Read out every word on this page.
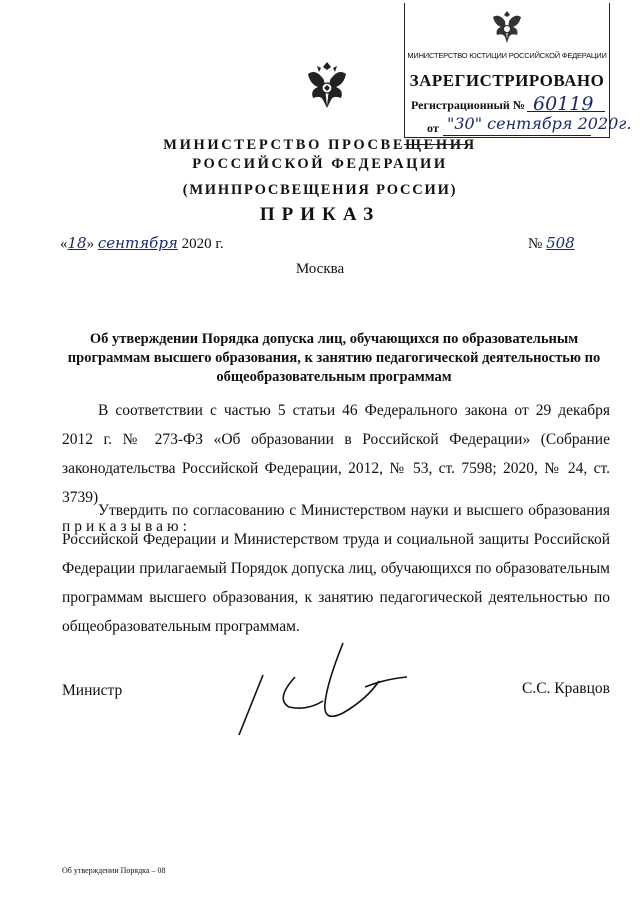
МИНИСТЕРСТВО ЮСТИЦИИ РОССИЙСКОЙ ФЕДЕРАЦИИ
ЗАРЕГИСТРИРОВАНО
Регистрационный № 60119
от "30" сентября 2020г.
МИНИСТЕРСТВО ПРОСВЕЩЕНИЯ
РОССИЙСКОЙ ФЕДЕРАЦИИ
(МИНПРОСВЕЩЕНИЯ РОССИИ)
ПРИКАЗ
«18» сентября 2020 г.	№ 508
Москва
Об утверждении Порядка допуска лиц, обучающихся по образовательным программам высшего образования, к занятию педагогической деятельностью по общеобразовательным программам
В соответствии с частью 5 статьи 46 Федерального закона от 29 декабря 2012 г. № 273-ФЗ «Об образовании в Российской Федерации» (Собрание законодательства Российской Федерации, 2012, № 53, ст. 7598; 2020, № 24, ст. 3739)
приказываю:
Утвердить по согласованию с Министерством науки и высшего образования Российской Федерации и Министерством труда и социальной защиты Российской Федерации прилагаемый Порядок допуска лиц, обучающихся по образовательным программам высшего образования, к занятию педагогической деятельностью по общеобразовательным программам.
Министр	С.С. Кравцов
Об утверждении Порядка – 08
